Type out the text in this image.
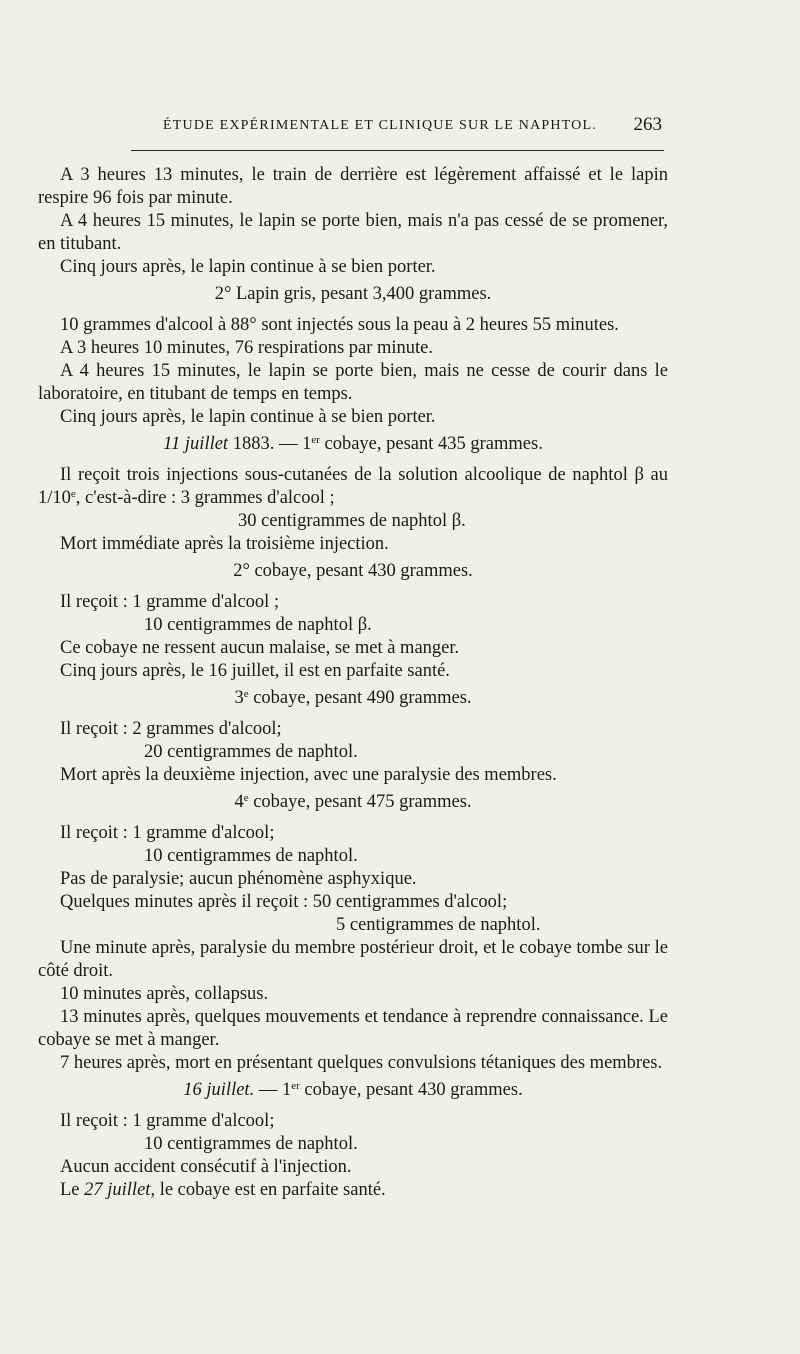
ÉTUDE EXPÉRIMENTALE ET CLINIQUE SUR LE NAPHTOL.	263

A 3 heures 13 minutes, le train de derrière est légèrement affaissé et le lapin respire 96 fois par minute.

A 4 heures 15 minutes, le lapin se porte bien, mais n'a pas cessé de se promener, en titubant.

Cinq jours après, le lapin continue à se bien porter.

2° Lapin gris, pesant 3,400 grammes.

10 grammes d'alcool à 88° sont injectés sous la peau à 2 heures 55 minutes.

A 3 heures 10 minutes, 76 respirations par minute.

A 4 heures 15 minutes, le lapin se porte bien, mais ne cesse de courir dans le laboratoire, en titubant de temps en temps.

Cinq jours après, le lapin continue à se bien porter.

11 juillet 1883. — 1er cobaye, pesant 435 grammes.

Il reçoit trois injections sous-cutanées de la solution alcoolique de naphtol β au 1/10e, c'est-à-dire : 3 grammes d'alcool ;

30 centigrammes de naphtol β.

Mort immédiate après la troisième injection.

2° cobaye, pesant 430 grammes.

Il reçoit : 1 gramme d'alcool ;

10 centigrammes de naphtol β.

Ce cobaye ne ressent aucun malaise, se met à manger.

Cinq jours après, le 16 juillet, il est en parfaite santé.

3e cobaye, pesant 490 grammes.

Il reçoit : 2 grammes d'alcool;

20 centigrammes de naphtol.

Mort après la deuxième injection, avec une paralysie des membres.

4e cobaye, pesant 475 grammes.

Il reçoit : 1 gramme d'alcool;

10 centigrammes de naphtol.

Pas de paralysie; aucun phénomène asphyxique.

Quelques minutes après il reçoit : 50 centigrammes d'alcool;

5 centigrammes de naphtol.

Une minute après, paralysie du membre postérieur droit, et le cobaye tombe sur le côté droit.

10 minutes après, collapsus.

13 minutes après, quelques mouvements et tendance à reprendre connaissance. Le cobaye se met à manger.

7 heures après, mort en présentant quelques convulsions tétaniques des membres.

16 juillet. — 1er cobaye, pesant 430 grammes.

Il reçoit : 1 gramme d'alcool;

10 centigrammes de naphtol.

Aucun accident consécutif à l'injection.

Le 27 juillet, le cobaye est en parfaite santé.
